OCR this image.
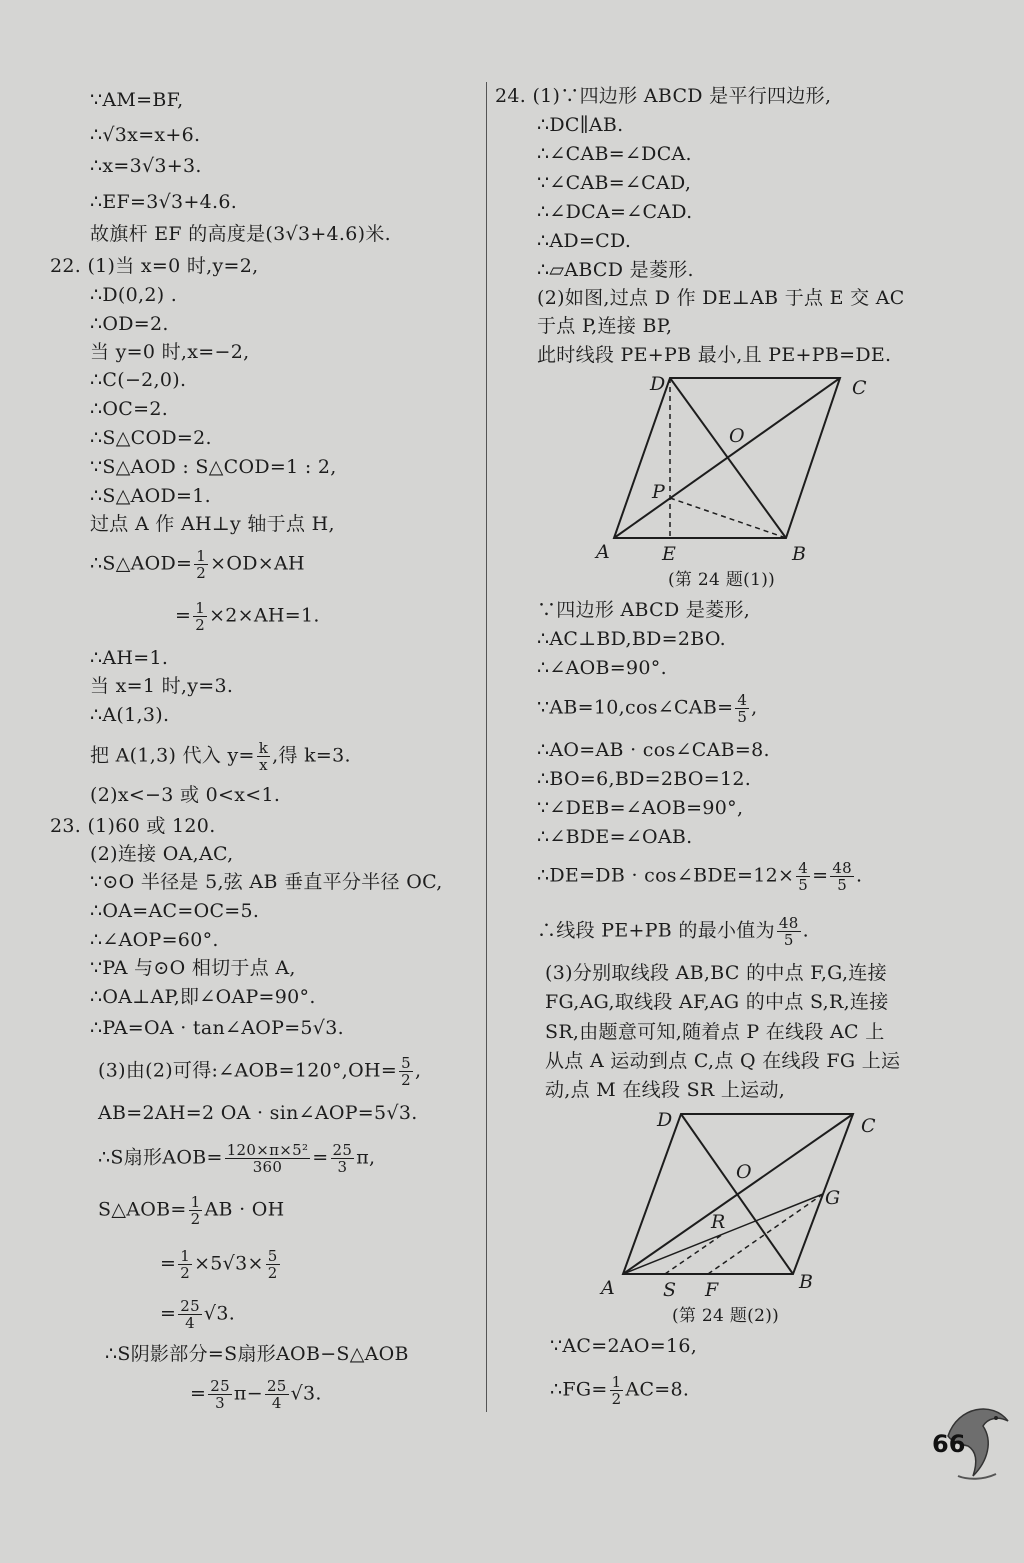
∵AM=BF,
∴√3x=x+6.
∴x=3√3+3.
∴EF=3√3+4.6.
故旗杆 EF 的高度是(3√3+4.6)米.
22. (1)当 x=0 时,y=2,
∴D(0,2) .
∴OD=2.
当 y=0 时,x=−2,
∴C(−2,0).
∴OC=2.
∴S△COD=2.
∵S△AOD : S△COD=1 : 2,
∴S△AOD=1.
过点 A 作 AH⊥y 轴于点 H,
∴S△AOD= $\frac{1}{2} \times OD\times AH$
= $\frac{1}{2} \times 2\times AH=1$.
∴AH=1.
当 x=1 时,y=3.
∴A(1,3).
把 A(1,3) 代入 $y= \frac{k}{x}$ ,得 k=3.
(2)x<−3 或 0<x<1.
23. (1)60 或 120.
(2)连接 OA,AC,
∵⊙O 半径是 5,弦 AB 垂直平分半径 OC,
∴OA=AC=OC=5.
∴∠AOP=60°.
∵PA 与⊙O 相切于点 A,
∴OA⊥AP,即∠OAP=90°.
∴PA=OA · tan∠AOP=5√3.
(3)由(2)可得:∠AOB=120°,OH= $\frac{5}{2}$ ,
AB=2AH=2 OA · sin∠AOP=5√3.
∴S扇形$AOB= \frac{\text{120×π×5²}}{360} = \frac{25}{3} \pi$,
S△AOB= $\frac{1}{2}$ AB · OH
= $\frac{1}{2} \times 5√3\times \frac{5}{2}$
= $\frac{25}{4} √3$.
∴S阴影部分=S扇形AOB−S△AOB
= $\frac{25}{3} \pi- \frac{25}{4} √3$.
24. (1)∵四边形 ABCD 是平行四边形,
∴DC∥AB.
∴∠CAB=∠DCA.
∵∠CAB=∠CAD,
∴∠DCA=∠CAD.
∴AD=CD.
∴▱ABCD 是菱形.
(2)如图,过点 D 作 DE⊥AB 于点 E 交 AC
于点 P,连接 BP,
此时线段 PE+PB 最小,且 PE+PB=DE.
D	C
O
P
A	E	B
(第 24 题(1))
∵四边形 ABCD 是菱形,
∴AC⊥BD,BD=2BO.
∴∠AOB=90°.
∵AB=10,cos∠CAB= $\frac{4}{5}$ ,
∴AO=AB · cos∠CAB=8.
∴BO=6,BD=2BO=12.
∵∠DEB=∠AOB=90°,
∴∠BDE=∠OAB.
∴DE=DB · cos∠BDE=12× $\frac{4}{5} = \frac{48}{5}$ .
∴线段 PE+PB 的最小值为 $\frac{48}{5}$ .
(3)分别取线段 AB,BC 的中点 F,G,连接
FG,AG,取线段 AF,AG 的中点 S,R,连接
SR,由题意可知,随着点 P 在线段 AC 上
从点 A 运动到点 C,点 Q 在线段 FG 上运
动,点 M 在线段 SR 上运动,
D	C
O
G
R
A	S F	B
(第 24 题(2))
∵AC=2AO=16,
∴FG= $\frac{1}{2} AC=8$.
66
